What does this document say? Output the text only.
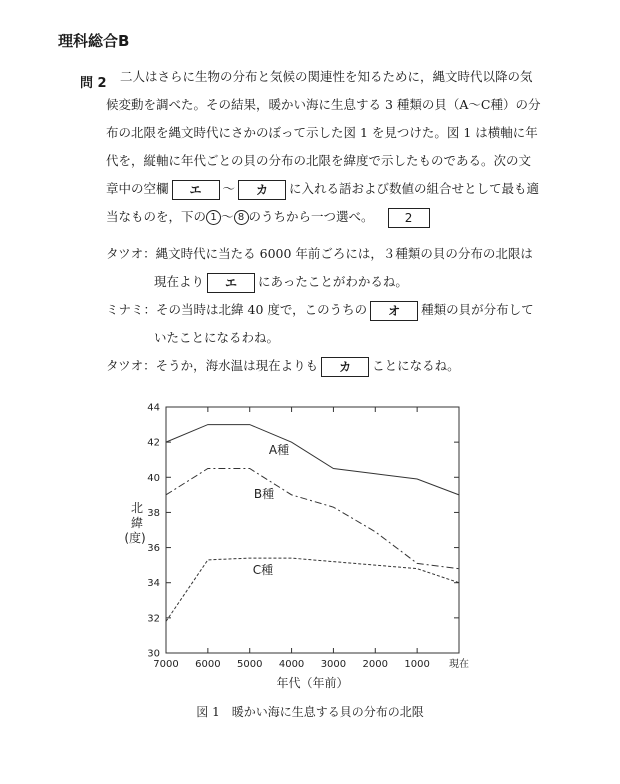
理科総合B
問 2 二人はさらに生物の分布と気候の関連性を知るために，縄文時代以降の気
候変動を調べた。その結果，暖かい海に生息する 3 種類の貝（A〜C種）の分
布の北限を縄文時代にさかのぼって示した図 1 を見つけた。図 1 は横軸に年
代を，縦軸に年代ごとの貝の分布の北限を緯度で示したものである。次の文
章中の空欄 エ 〜 カ に入れる語および数値の組合せとして最も適
当なものを，下の 1 〜 8 のうちから一つ選べ。	2
タツオ：縄文時代に当たる 6000 年前ごろには，３種類の貝の分布の北限は
現在より エ にあったことがわかるね。
ミナミ：その当時は北緯 40 度で，このうちの オ 種類の貝が分布して
いたことになるわね。
タツオ：そうか，海水温は現在よりも カ ことになるね。
30
32
34
36
38
40
42
44
7000 6000 5000 4000 3000 2000 1000 現在
年代（年前）
北緯(度)
A種
B種
C種
図 1　暖かい海に生息する貝の分布の北限
